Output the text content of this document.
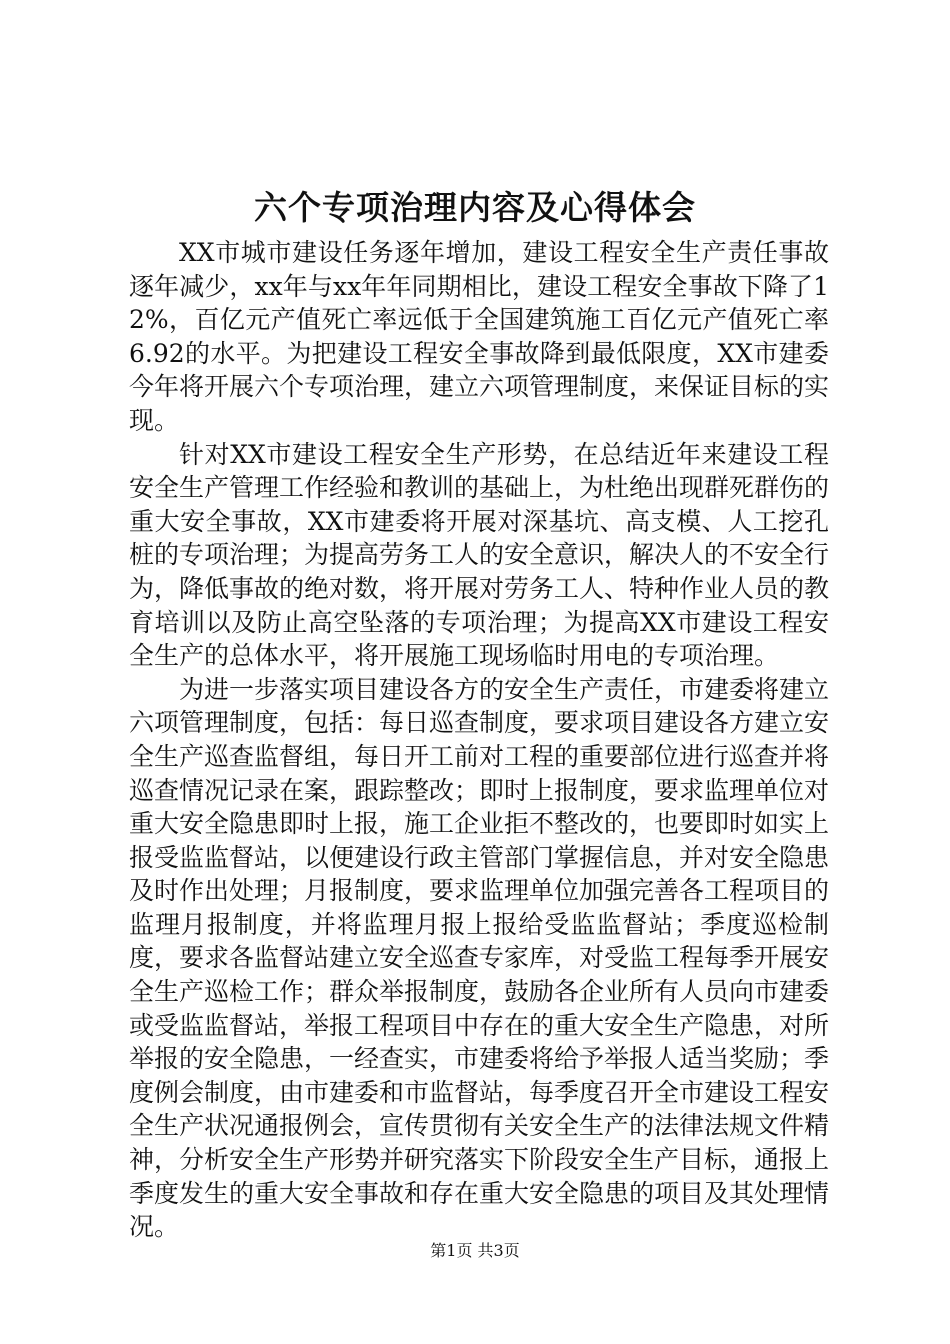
六个专项治理内容及心得体会

XX市城市建设任务逐年增加，建设工程安全生产责任事故逐年减少，xx年与xx年年同期相比，建设工程安全事故下降了12%，百亿元产值死亡率远低于全国建筑施工百亿元产值死亡率6.92的水平。为把建设工程安全事故降到最低限度，XX市建委今年将开展六个专项治理，建立六项管理制度，来保证目标的实现。

针对XX市建设工程安全生产形势，在总结近年来建设工程安全生产管理工作经验和教训的基础上，为杜绝出现群死群伤的重大安全事故，XX市建委将开展对深基坑、高支模、人工挖孔桩的专项治理；为提高劳务工人的安全意识，解决人的不安全行为，降低事故的绝对数，将开展对劳务工人、特种作业人员的教育培训以及防止高空坠落的专项治理；为提高XX市建设工程安全生产的总体水平，将开展施工现场临时用电的专项治理。

为进一步落实项目建设各方的安全生产责任，市建委将建立六项管理制度，包括：每日巡查制度，要求项目建设各方建立安全生产巡查监督组，每日开工前对工程的重要部位进行巡查并将巡查情况记录在案，跟踪整改；即时上报制度，要求监理单位对重大安全隐患即时上报，施工企业拒不整改的，也要即时如实上报受监监督站，以便建设行政主管部门掌握信息，并对安全隐患及时作出处理；月报制度，要求监理单位加强完善各工程项目的监理月报制度，并将监理月报上报给受监监督站；季度巡检制度，要求各监督站建立安全巡查专家库，对受监工程每季开展安全生产巡检工作；群众举报制度，鼓励各企业所有人员向市建委或受监监督站，举报工程项目中存在的重大安全生产隐患，对所举报的安全隐患，一经查实，市建委将给予举报人适当奖励；季度例会制度，由市建委和市监督站，每季度召开全市建设工程安全生产状况通报例会，宣传贯彻有关安全生产的法律法规文件精神，分析安全生产形势并研究落实下阶段安全生产目标，通报上季度发生的重大安全事故和存在重大安全隐患的项目及其处理情况。

第1页 共3页
